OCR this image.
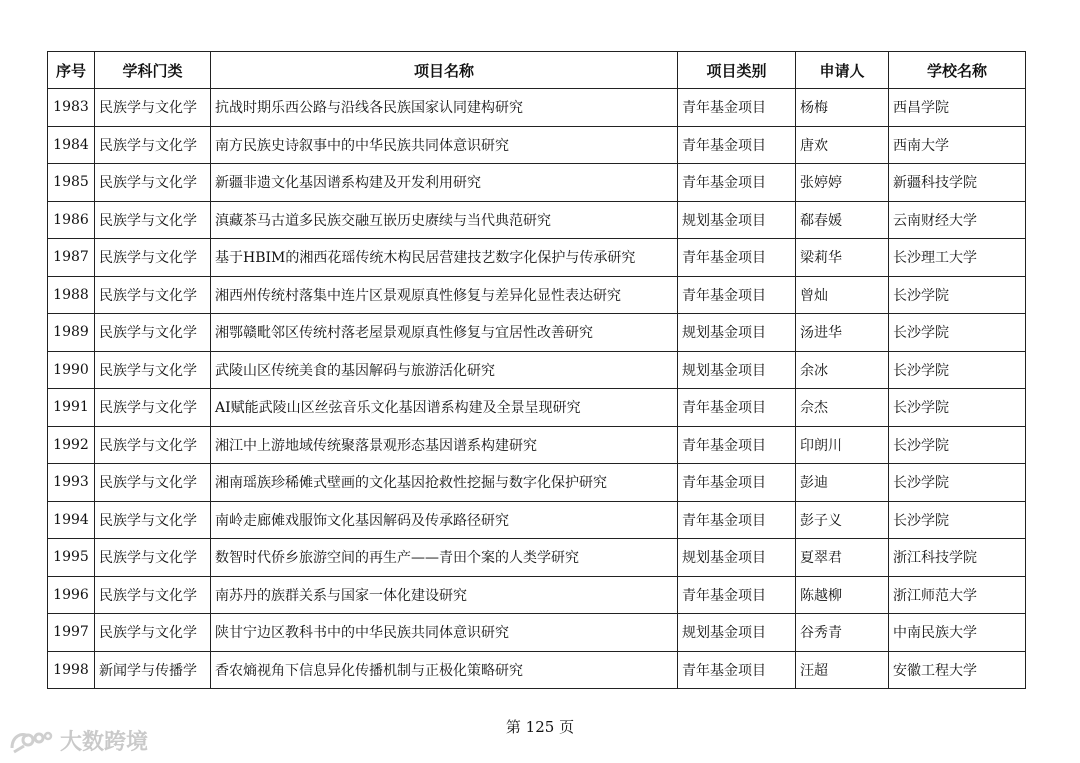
序号	学科门类	项目名称	项目类别	申请人	学校名称
1983	民族学与文化学	抗战时期乐西公路与沿线各民族国家认同建构研究	青年基金项目	杨梅	西昌学院
1984	民族学与文化学	南方民族史诗叙事中的中华民族共同体意识研究	青年基金项目	唐欢	西南大学
1985	民族学与文化学	新疆非遗文化基因谱系构建及开发利用研究	青年基金项目	张婷婷	新疆科技学院
1986	民族学与文化学	滇藏茶马古道多民族交融互嵌历史赓续与当代典范研究	规划基金项目	郗春媛	云南财经大学
1987	民族学与文化学	基于HBIM的湘西花瑶传统木构民居营建技艺数字化保护与传承研究	青年基金项目	梁莉华	长沙理工大学
1988	民族学与文化学	湘西州传统村落集中连片区景观原真性修复与差异化显性表达研究	青年基金项目	曾灿	长沙学院
1989	民族学与文化学	湘鄂赣毗邻区传统村落老屋景观原真性修复与宜居性改善研究	规划基金项目	汤进华	长沙学院
1990	民族学与文化学	武陵山区传统美食的基因解码与旅游活化研究	规划基金项目	余冰	长沙学院
1991	民族学与文化学	AI赋能武陵山区丝弦音乐文化基因谱系构建及全景呈现研究	青年基金项目	佘杰	长沙学院
1992	民族学与文化学	湘江中上游地域传统聚落景观形态基因谱系构建研究	青年基金项目	印朗川	长沙学院
1993	民族学与文化学	湘南瑶族珍稀傩式壁画的文化基因抢救性挖掘与数字化保护研究	青年基金项目	彭迪	长沙学院
1994	民族学与文化学	南岭走廊傩戏服饰文化基因解码及传承路径研究	青年基金项目	彭子义	长沙学院
1995	民族学与文化学	数智时代侨乡旅游空间的再生产——青田个案的人类学研究	规划基金项目	夏翠君	浙江科技学院
1996	民族学与文化学	南苏丹的族群关系与国家一体化建设研究	青年基金项目	陈越柳	浙江师范大学
1997	民族学与文化学	陕甘宁边区教科书中的中华民族共同体意识研究	规划基金项目	谷秀青	中南民族大学
1998	新闻学与传播学	香农熵视角下信息异化传播机制与正极化策略研究	青年基金项目	汪超	安徽工程大学
第 125 页
大数跨境
